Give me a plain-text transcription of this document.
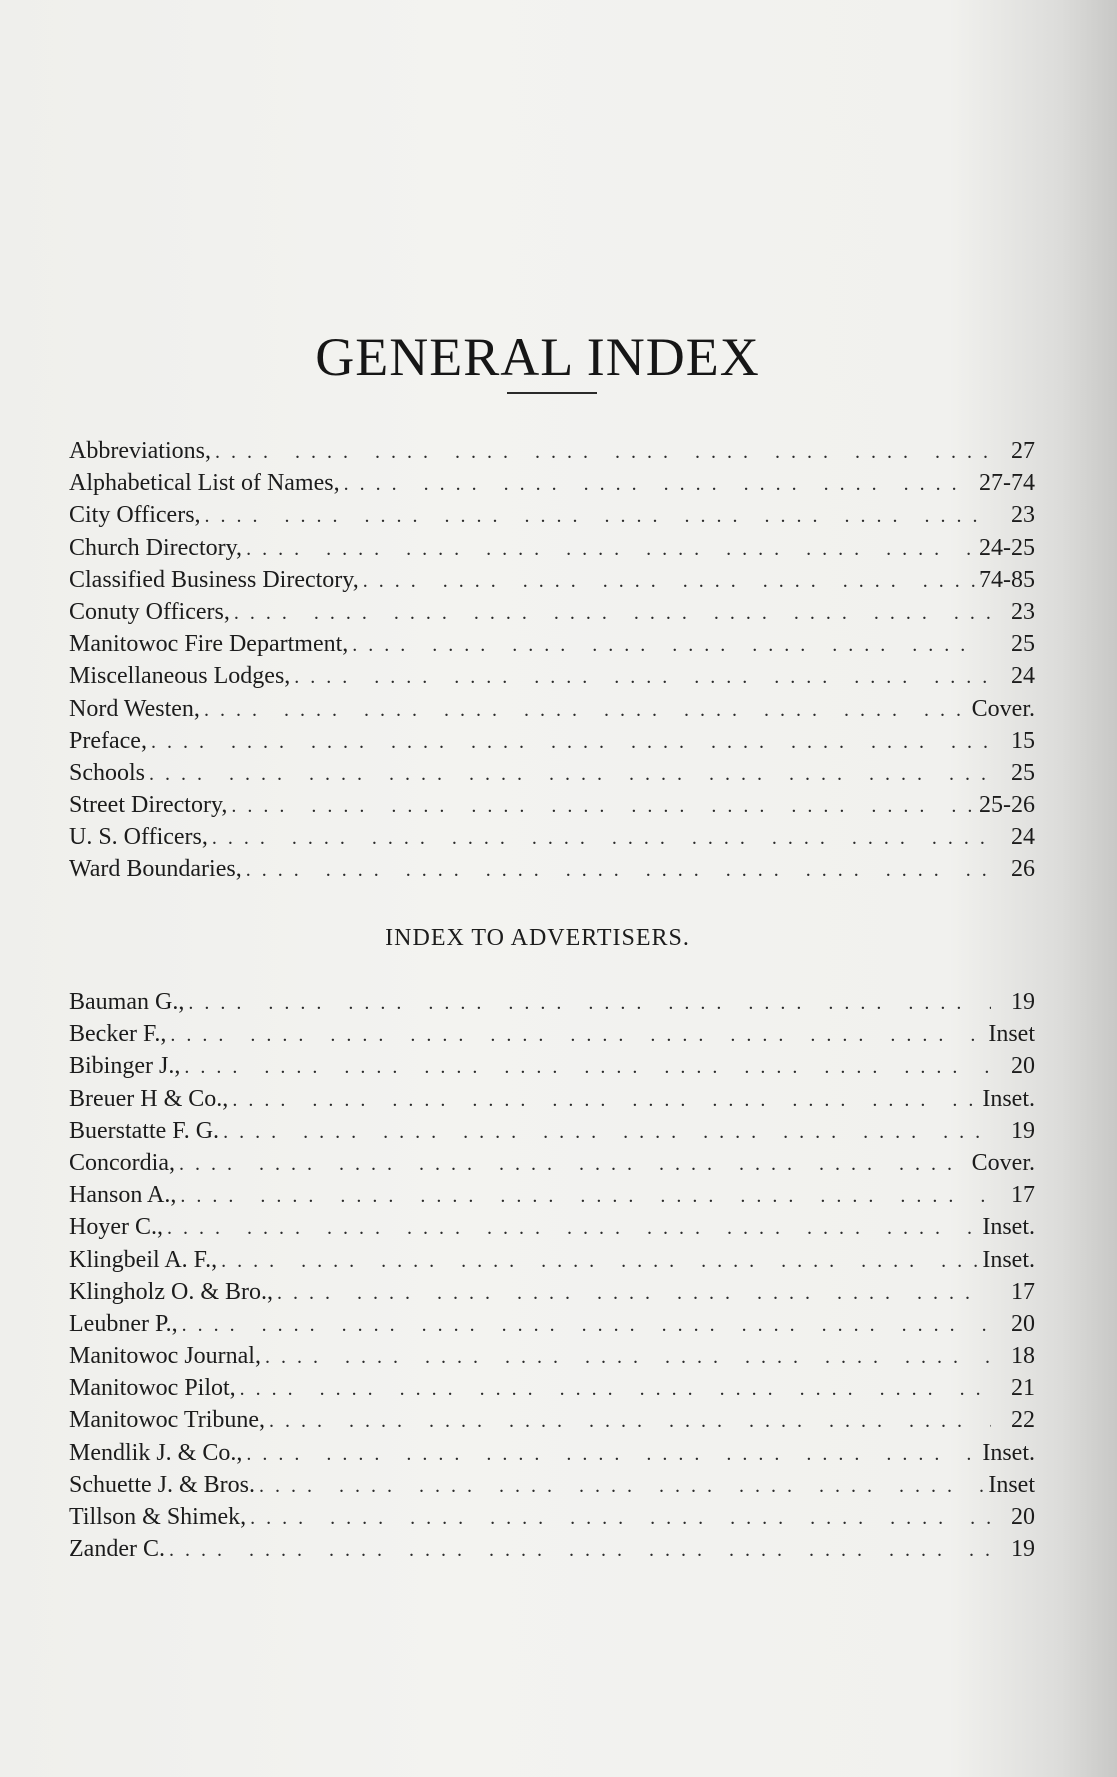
GENERAL INDEX
Abbreviations, . . .	27
Alphabetical List of Names, . . .	27-74
City Officers, . . .	23
Church Directory, . . .	24-25
Classified Business Directory, . . .	74-85
Conuty Officers, . . .	23
Manitowoc Fire Department, . . .	25
Miscellaneous Lodges, . . .	24
Nord Westen, . . .	Cover.
Preface, . . .	15
Schools . . .	25
Street Directory, . . .	25-26
U. S. Officers, . . .	24
Ward Boundaries, . . .	26
INDEX TO ADVERTISERS.
Bauman G., . . .	19
Becker F., . . .	Inset
Bibinger J., . . .	20
Breuer H & Co., . . .	Inset.
Buerstatte F. G. . . .	19
Concordia, . . .	Cover.
Hanson A., . . .	17
Hoyer C., . . .	Inset.
Klingbeil A. F., . . .	Inset.
Klingholz O. & Bro., . . .	17
Leubner P., . . .	20
Manitowoc Journal, . . .	18
Manitowoc Pilot, . . .	21
Manitowoc Tribune, . . .	22
Mendlik J. & Co., . . .	Inset.
Schuette J. & Bros. . . .	Inset
Tillson & Shimek, . . .	20
Zander C. . . .	19
